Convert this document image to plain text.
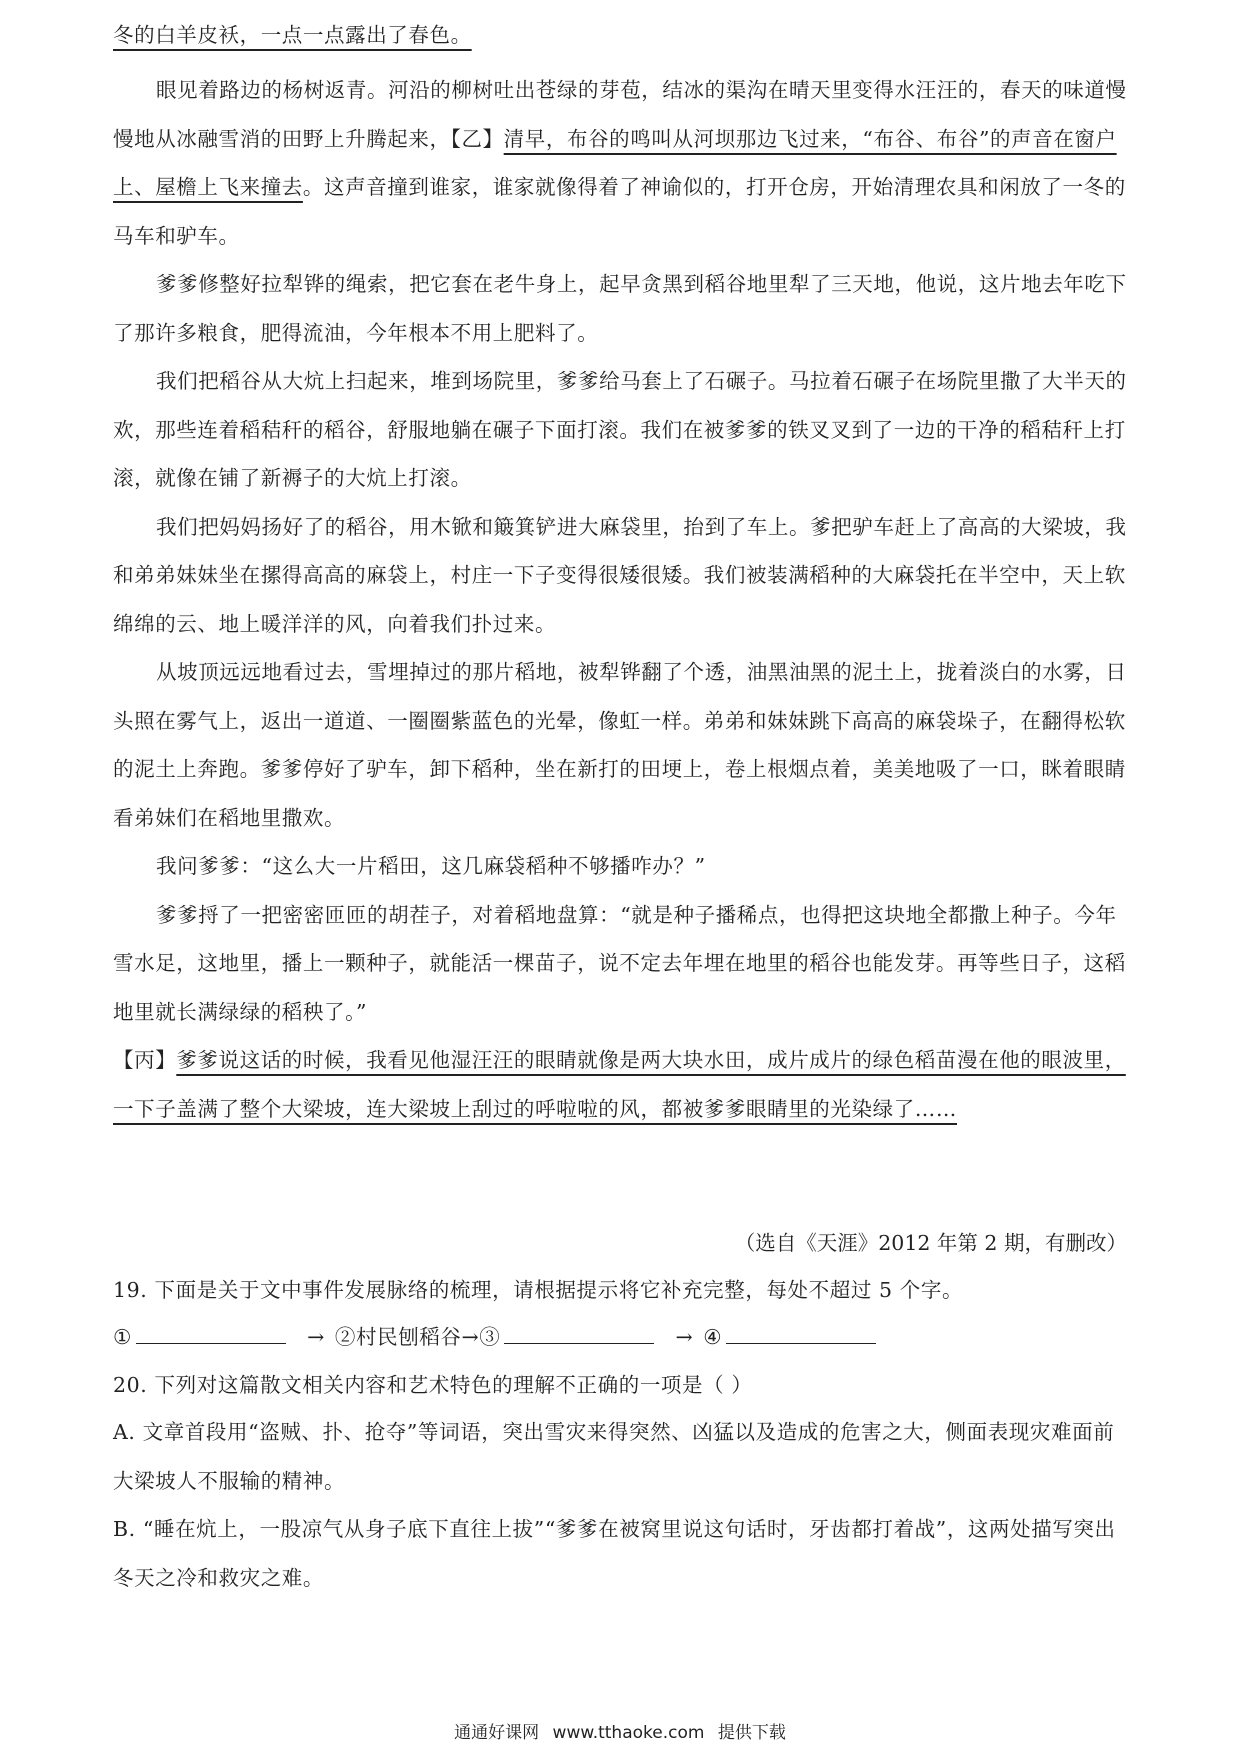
冬的白羊皮袄，一点一点露出了春色。

眼见着路边的杨树返青。河沿的柳树吐出苍绿的芽苞，结冰的渠沟在晴天里变得水汪汪的，春天的味道慢慢地从冰融雪消的田野上升腾起来，【乙】清早，布谷的鸣叫从河坝那边飞过来，“布谷、布谷”的声音在窗户上、屋檐上飞来撞去。这声音撞到谁家，谁家就像得着了神谕似的，打开仓房，开始清理农具和闲放了一冬的马车和驴车。

爹爹修整好拉犁铧的绳索，把它套在老牛身上，起早贪黑到稻谷地里犁了三天地，他说，这片地去年吃下了那许多粮食，肥得流油，今年根本不用上肥料了。

我们把稻谷从大炕上扫起来，堆到场院里，爹爹给马套上了石碾子。马拉着石碾子在场院里撒了大半天的欢，那些连着稻秸秆的稻谷，舒服地躺在碾子下面打滚。我们在被爹爹的铁叉叉到了一边的干净的稻秸秆上打滚，就像在铺了新褥子的大炕上打滚。

我们把妈妈扬好了的稻谷，用木锨和簸箕铲进大麻袋里，抬到了车上。爹把驴车赶上了高高的大梁坡，我和弟弟妹妹坐在摞得高高的麻袋上，村庄一下子变得很矮很矮。我们被装满稻种的大麻袋托在半空中，天上软绵绵的云、地上暖洋洋的风，向着我们扑过来。

从坡顶远远地看过去，雪埋掉过的那片稻地，被犁铧翻了个透，油黑油黑的泥土上，拢着淡白的水雾，日头照在雾气上，返出一道道、一圈圈紫蓝色的光晕，像虹一样。弟弟和妹妹跳下高高的麻袋垛子，在翻得松软的泥土上奔跑。爹爹停好了驴车，卸下稻种，坐在新打的田埂上，卷上根烟点着，美美地吸了一口，眯着眼睛看弟妹们在稻地里撒欢。

我问爹爹：“这么大一片稻田，这几麻袋稻种不够播咋办？”

爹爹捋了一把密密匝匝的胡茬子，对着稻地盘算：“就是种子播稀点，也得把这块地全都撒上种子。今年雪水足，这地里，播上一颗种子，就能活一棵苗子，说不定去年埋在地里的稻谷也能发芽。再等些日子，这稻地里就长满绿绿的稻秧了。”

【丙】爹爹说这话的时候，我看见他湿汪汪的眼睛就像是两大块水田，成片成片的绿色稻苗漫在他的眼波里，一下子盖满了整个大梁坡，连大梁坡上刮过的呼啦啦的风，都被爹爹眼睛里的光染绿了……

（选自《天涯》2012 年第 2 期，有删改）
19. 下面是关于文中事件发展脉络的梳理，请根据提示将它补充完整，每处不超过 5 个字。
①	→ ②村民刨稻谷→③	→ ④
20. 下列对这篇散文相关内容和艺术特色的理解不正确的一项是（ ）

A. 文章首段用“盗贼、扑、抢夺”等词语，突出雪灾来得突然、凶猛以及造成的危害之大，侧面表现灾难面前大梁坡人不服输的精神。

B. “睡在炕上，一股凉气从身子底下直往上拔”“爹爹在被窝里说这句话时，牙齿都打着战”，这两处描写突出冬天之冷和救灾之难。

通通好课网 www.tthaoke.com 提供下载
